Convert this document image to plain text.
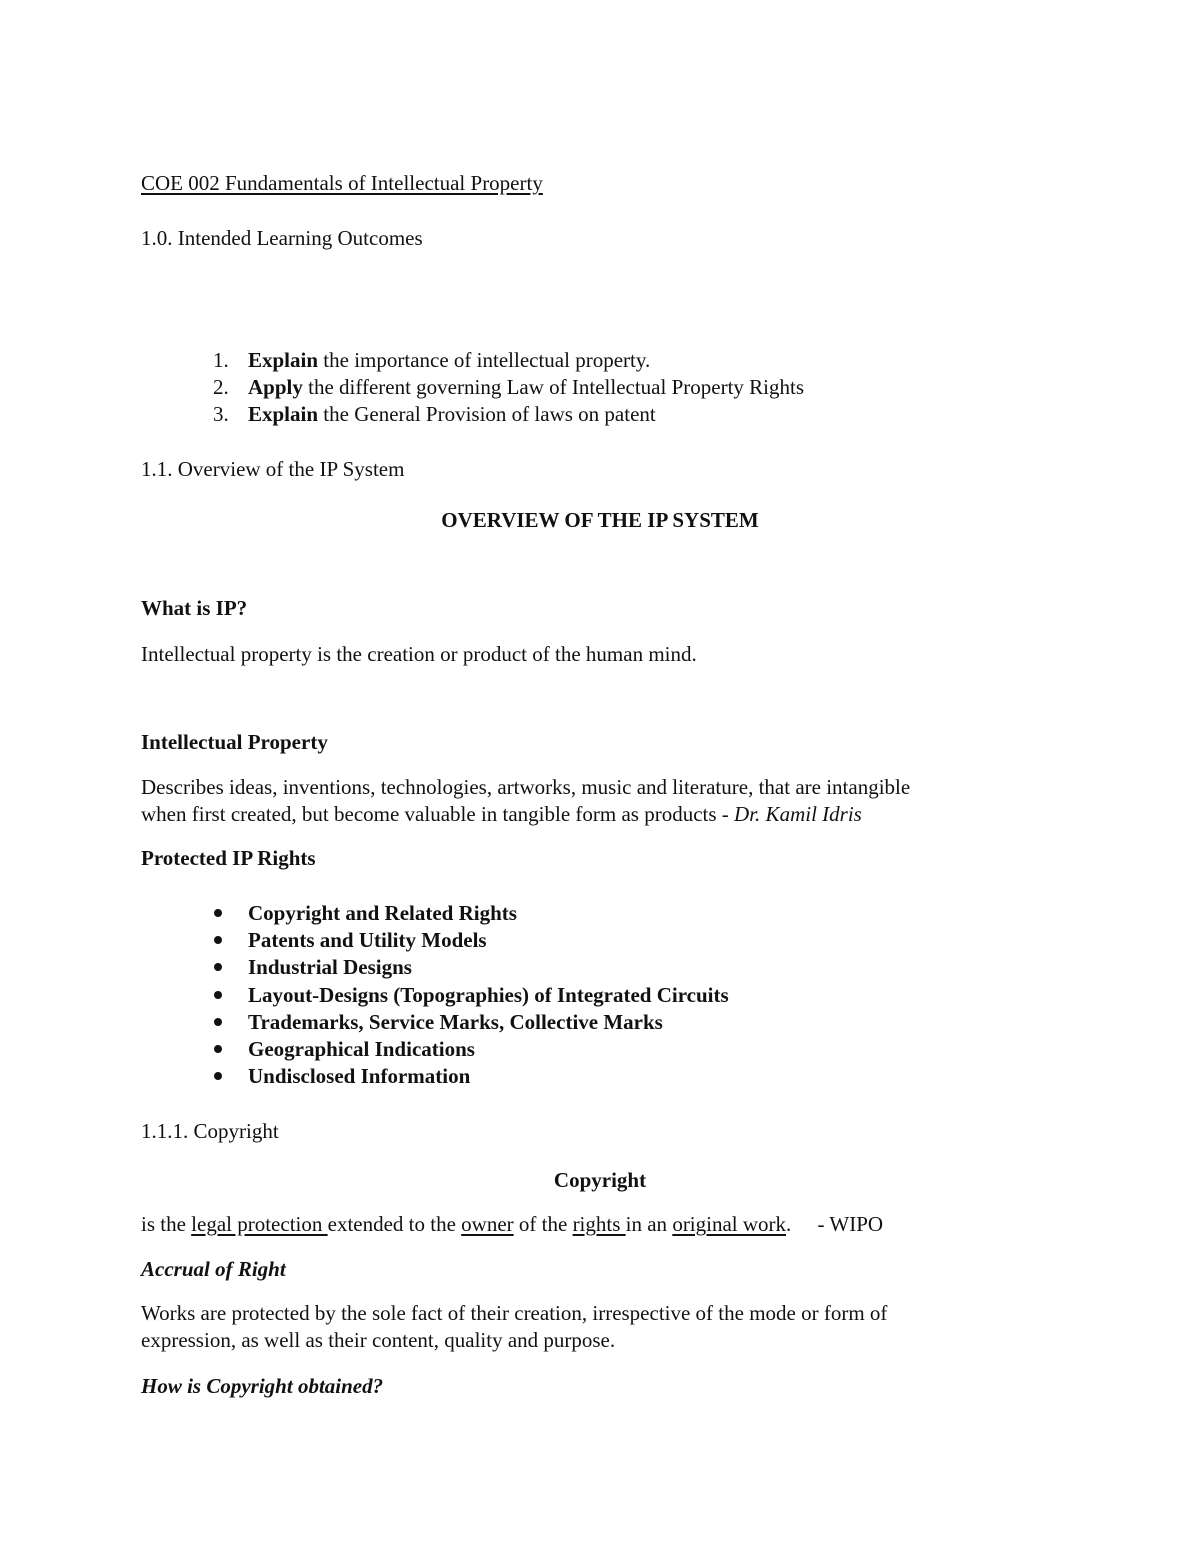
COE 002 Fundamentals of Intellectual Property
1.0. Intended Learning Outcomes
1. Explain the importance of intellectual property.
2. Apply the different governing Law of Intellectual Property Rights
3. Explain the General Provision of laws on patent
1.1. Overview of the IP System
OVERVIEW OF THE IP SYSTEM
What is IP?
Intellectual property is the creation or product of the human mind.
Intellectual Property
Describes ideas, inventions, technologies, artworks, music and literature, that are intangible
when first created, but become valuable in tangible form as products - Dr. Kamil Idris
Protected IP Rights
Copyright and Related Rights
Patents and Utility Models
Industrial Designs
Layout-Designs (Topographies) of Integrated Circuits
Trademarks, Service Marks, Collective Marks
Geographical Indications
Undisclosed Information
1.1.1. Copyright
Copyright
is the legal protection extended to the owner of the rights in an original work.     - WIPO
Accrual of Right
Works are protected by the sole fact of their creation, irrespective of the mode or form of
expression, as well as their content, quality and purpose.
How is Copyright obtained?
